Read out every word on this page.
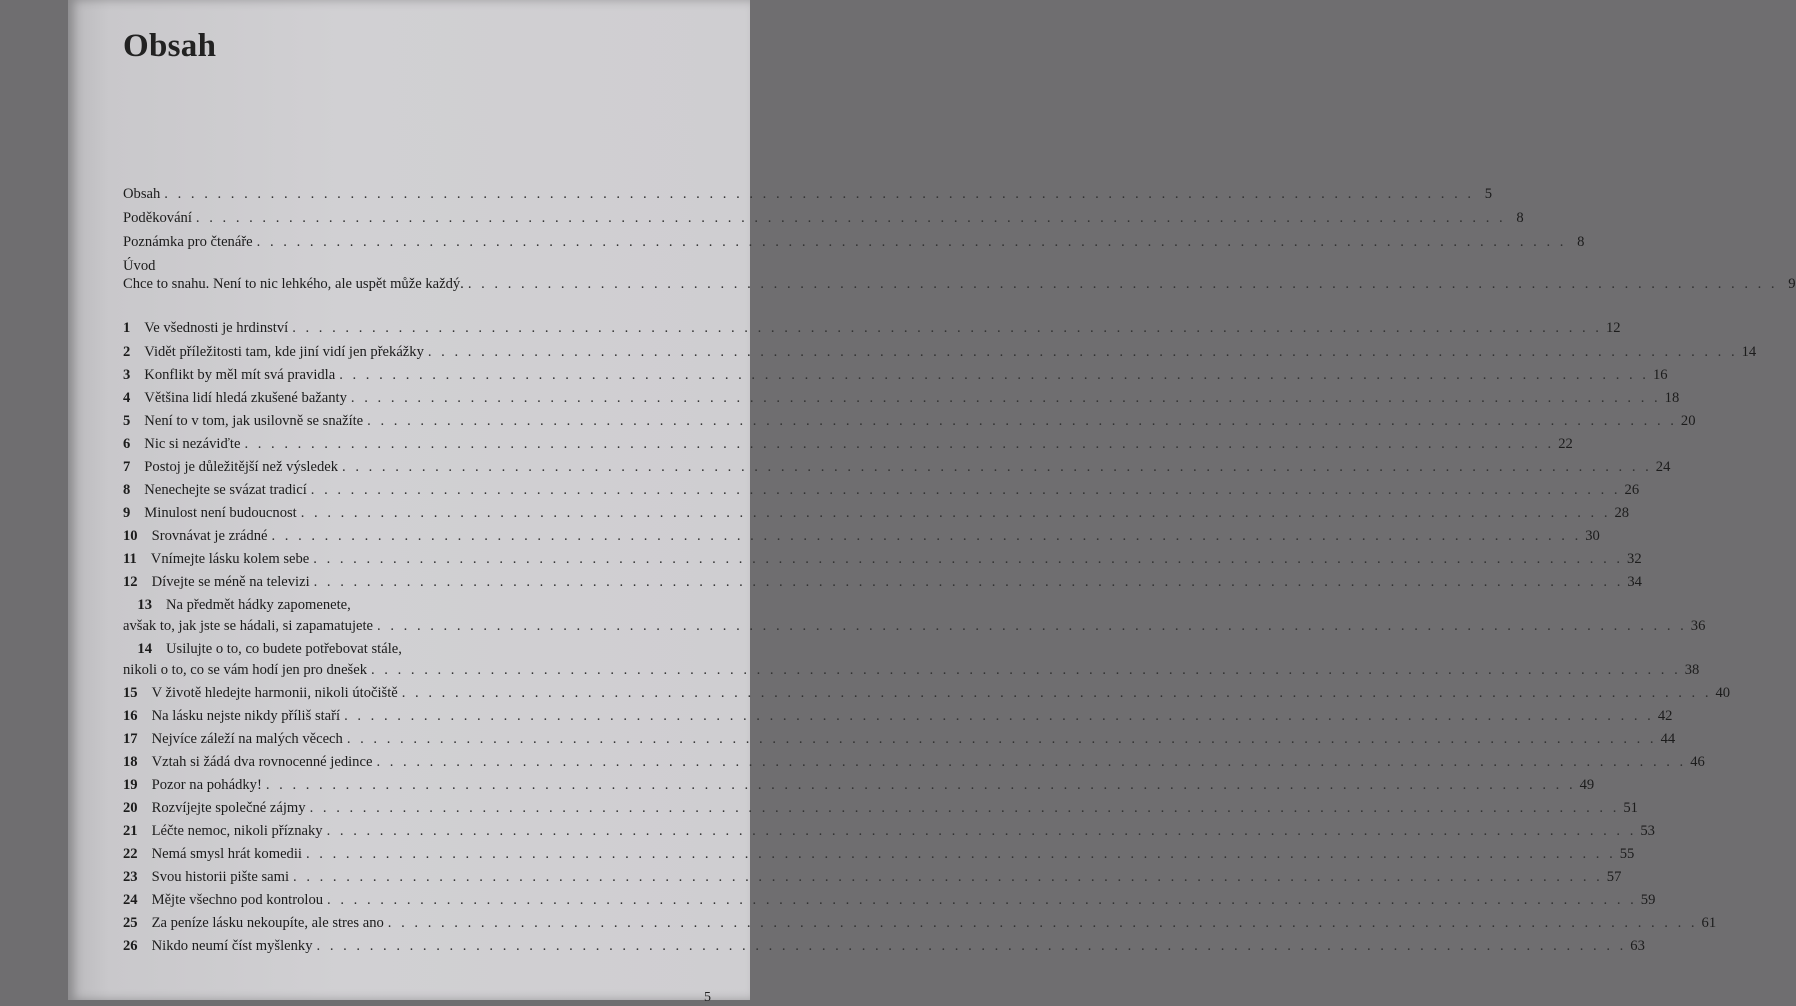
Obsah
Obsah . . .	5
Poděkování . . .	8
Poznámka pro čtenáře . . .	8
Úvod
Chce to snahu. Není to nic lehkého, ale uspět může každý. . . .	9
1 Ve všednosti je hrdinství . . .	12
2 Vidět příležitosti tam, kde jiní vidí jen překážky . . .	14
3 Konflikt by měl mít svá pravidla . . .	16
4 Většina lidí hledá zkušené bažanty . . .	18
5 Není to v tom, jak usilovně se snažíte . . .	20
6 Nic si nezáviďte . . .	22
7 Postoj je důležitější než výsledek . . .	24
8 Nenechejte se svázat tradicí . . .	26
9 Minulost není budoucnost . . .	28
10 Srovnávat je zrádné . . .	30
11 Vnímejte lásku kolem sebe . . .	32
12 Dívejte se méně na televizi . . .	34
13 Na předmět hádky zapomenete,
avšak to, jak jste se hádali, si zapamatujete . . .	36
14 Usilujte o to, co budete potřebovat stále,
nikoli o to, co se vám hodí jen pro dnešek . . .	38
15 V životě hledejte harmonii, nikoli útočiště . . .	40
16 Na lásku nejste nikdy příliš staří . . .	42
17 Nejvíce záleží na malých věcech . . .	44
18 Vztah si žádá dva rovnocenné jedince . . .	46
19 Pozor na pohádky! . . .	49
20 Rozvíjejte společné zájmy . . .	51
21 Léčte nemoc, nikoli příznaky . . .	53
22 Nemá smysl hrát komedii . . .	55
23 Svou historii pište sami . . .	57
24 Mějte všechno pod kontrolou . . .	59
25 Za peníze lásku nekoupíte, ale stres ano . . .	61
26 Nikdo neumí číst myšlenky . . .	63
5
